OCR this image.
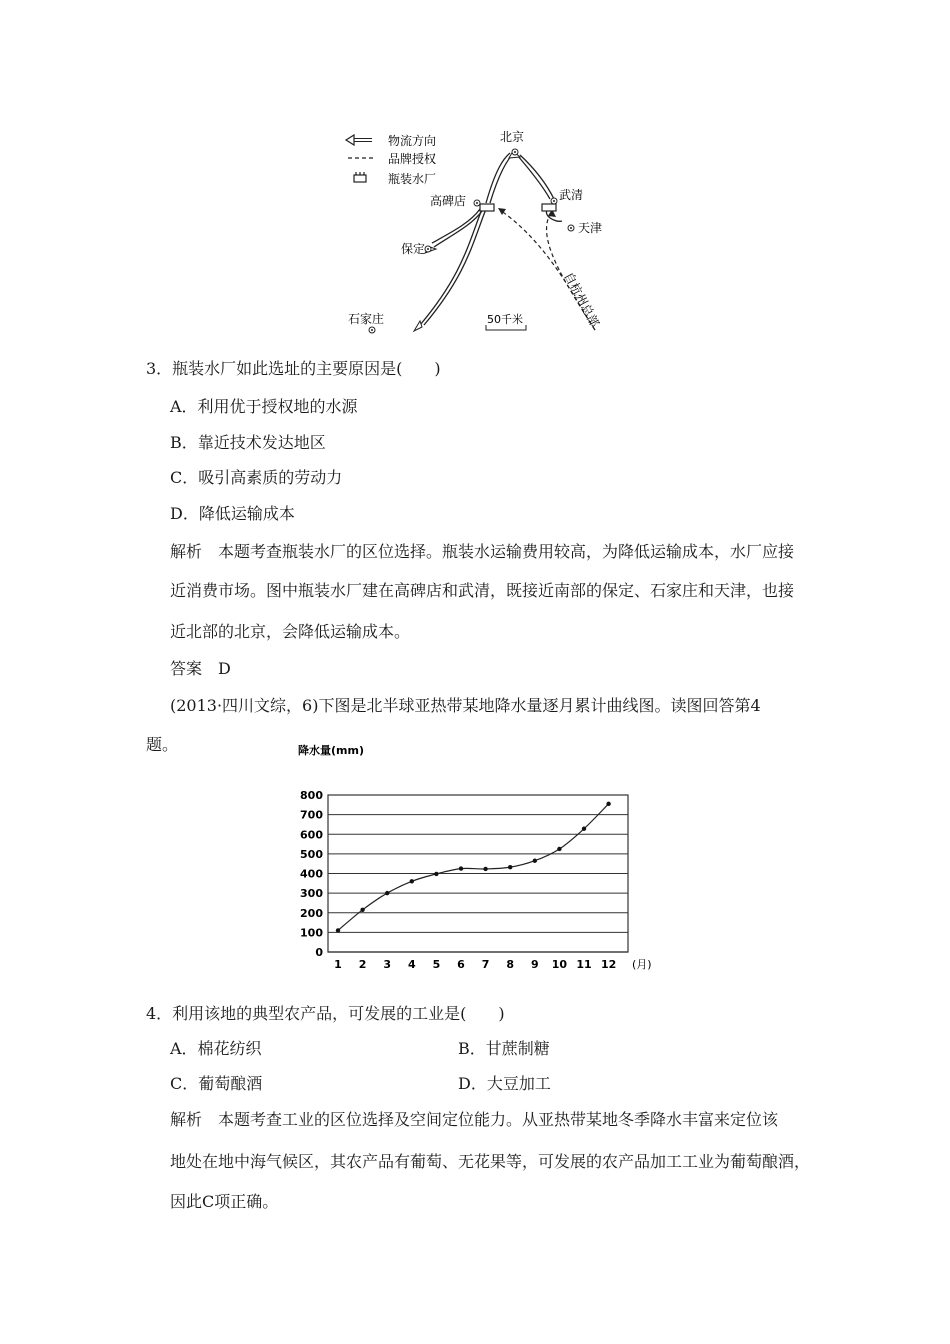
物流方向
品牌授权
瓶装水厂
北京
高碑店	武清
天津
保定
石家庄	自杭州总部
50千米
3．瓶装水厂如此选址的主要原因是(　　)
A．利用优于授权地的水源
B．靠近技术发达地区
C．吸引高素质的劳动力
D．降低运输成本
解析　本题考查瓶装水厂的区位选择。瓶装水运输费用较高，为降低运输成本，水厂应接
近消费市场。图中瓶装水厂建在高碑店和武清，既接近南部的保定、石家庄和天津，也接
近北部的北京，会降低运输成本。
答案　D
(2013·四川文综，6)下图是北半球亚热带某地降水量逐月累计曲线图。读图回答第4
题。	降水量(mm)
(月)
0
100
200
300
400
500
600
700
800
1 2 3 4 5 6 7 8 9 10 11 12
4．利用该地的典型农产品，可发展的工业是(　　)
A．棉花纺织	B．甘蔗制糖
C．葡萄酿酒	D．大豆加工
解析　本题考查工业的区位选择及空间定位能力。从亚热带某地冬季降水丰富来定位该
地处在地中海气候区，其农产品有葡萄、无花果等，可发展的农产品加工工业为葡萄酿酒，
因此C项正确。
